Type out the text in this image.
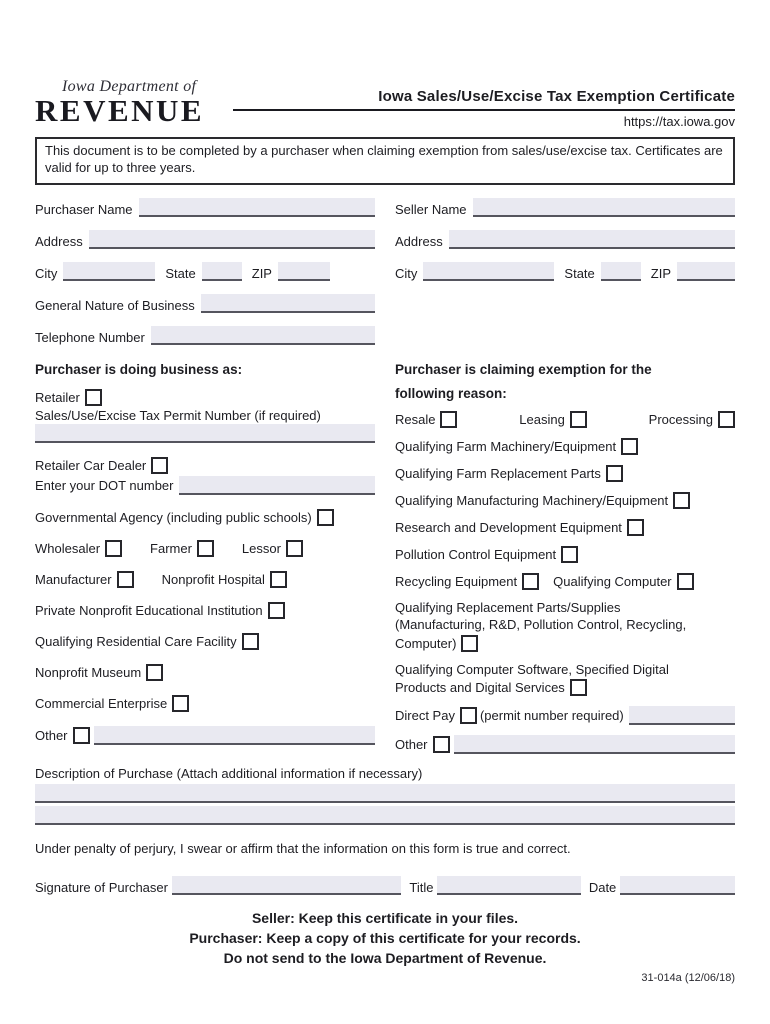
Iowa Department of
REVENUE	Iowa Sales/Use/Excise Tax Exemption Certificate
https://tax.iowa.gov
This document is to be completed by a purchaser when claiming exemption from sales/use/excise tax. Certificates are valid for up to three years.
Purchaser Name
Address
City	State	ZIP
General Nature of Business
Telephone Number
Seller Name
Address
City	State	ZIP
Purchaser is doing business as:
Retailer
Sales/Use/Excise Tax Permit Number (if required)
Retailer Car Dealer
Enter your DOT number
Governmental Agency (including public schools)
Wholesaler	Farmer	Lessor
Manufacturer	Nonprofit Hospital
Private Nonprofit Educational Institution
Qualifying Residential Care Facility
Nonprofit Museum
Commercial Enterprise
Other
Purchaser is claiming exemption for the
following reason:
Resale	Leasing	Processing
Qualifying Farm Machinery/Equipment
Qualifying Farm Replacement Parts
Qualifying Manufacturing Machinery/Equipment
Research and Development Equipment
Pollution Control Equipment
Recycling Equipment	Qualifying Computer
Qualifying Replacement Parts/Supplies
(Manufacturing, R&D, Pollution Control, Recycling,
Computer)
Qualifying Computer Software, Specified Digital
Products and Digital Services
Direct Pay (permit number required)
Other
Description of Purchase (Attach additional information if necessary)
Under penalty of perjury, I swear or affirm that the information on this form is true and correct.
Signature of Purchaser	Title	Date
Seller: Keep this certificate in your files.
Purchaser: Keep a copy of this certificate for your records.
Do not send to the Iowa Department of Revenue.
31-014a (12/06/18)
